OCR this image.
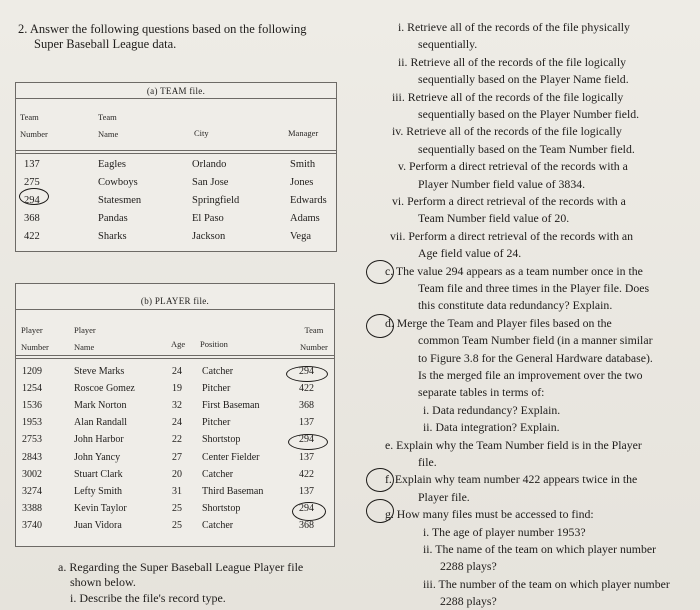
2. Answer the following questions based on the following
Super Baseball League data.
(a) TEAM file.
Team
Number
Team
Name	City	Manager
137	Eagles	Orlando	Smith
275	Cowboys	San Jose	Jones
294	Statesmen	Springfield	Edwards
368	Pandas	El Paso	Adams
422	Sharks	Jackson	Vega
(b) PLAYER file.
Player
Number
Player
Name	Age Position
Team
Number
1209	Steve Marks	24 Catcher	294
1254	Roscoe Gomez	19 Pitcher	422
1536	Mark Norton	32 First Baseman	368
1953	Alan Randall	24 Pitcher	137
2753	John Harbor	22 Shortstop	294
2843	John Yancy	27 Center Fielder	137
3002	Stuart Clark	20 Catcher	422
3274	Lefty Smith	31 Third Baseman	137
3388	Kevin Taylor	25 Shortstop	294
3740	Juan Vidora	25 Catcher	368
a. Regarding the Super Baseball League Player file
shown below.
i. Describe the file's record type.
i. Retrieve all of the records of the file physically
sequentially.
ii. Retrieve all of the records of the file logically
sequentially based on the Player Name field.
iii. Retrieve all of the records of the file logically
sequentially based on the Player Number field.
iv. Retrieve all of the records of the file logically
sequentially based on the Team Number field.
v. Perform a direct retrieval of the records with a
Player Number field value of 3834.
vi. Perform a direct retrieval of the records with a
Team Number field value of 20.
vii. Perform a direct retrieval of the records with an
Age field value of 24.
c. The value 294 appears as a team number once in the
Team file and three times in the Player file. Does
this constitute data redundancy? Explain.
d. Merge the Team and Player files based on the
common Team Number field (in a manner similar
to Figure 3.8 for the General Hardware database).
Is the merged file an improvement over the two
separate tables in terms of:
i. Data redundancy? Explain.
ii. Data integration? Explain.
e. Explain why the Team Number field is in the Player
file.
f. Explain why team number 422 appears twice in the
Player file.
g. How many files must be accessed to find:
i. The age of player number 1953?
ii. The name of the team on which player number
2288 plays?
iii. The number of the team on which player number
2288 plays?
